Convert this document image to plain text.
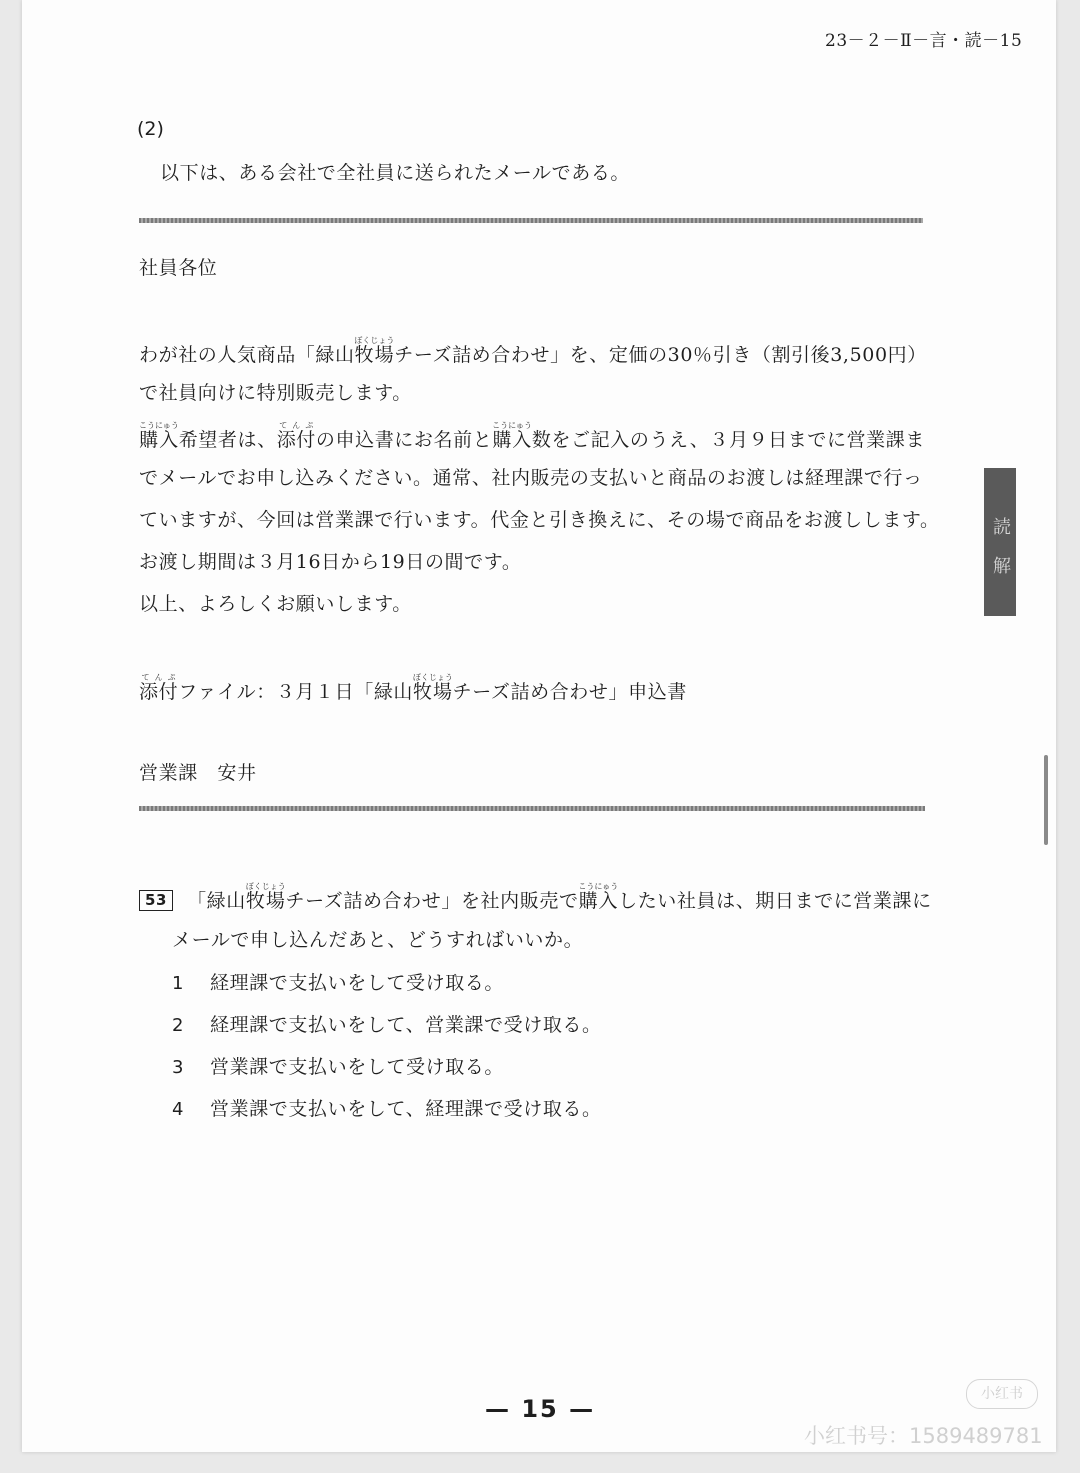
23－２－Ⅱ－言・読－15
(2)
以下は、ある会社で全社員に送られたメールである。
社員各位
わが社の人気商品「緑山牧場ぼくじょうチーズ詰め合わせ」を、定価の30％引き（割引後3,500円）
で社員向けに特別販売します。
購入こうにゅう希望者は、添付てんぷの申込書にお名前と購入こうにゅう数をご記入のうえ、３月９日までに営業課ま
でメールでお申し込みください。通常、社内販売の支払いと商品のお渡しは経理課で行っ
ていますが、今回は営業課で行います。代金と引き換えに、その場で商品をお渡しします。
お渡し期間は３月16日から19日の間です。
以上、よろしくお願いします。
添付てんぷファイル：３月１日「緑山牧場ぼくじょうチーズ詰め合わせ」申込書
営業課　安井
53 「緑山牧場ぼくじょうチーズ詰め合わせ」を社内販売で購入こうにゅうしたい社員は、期日までに営業課に
メールで申し込んだあと、どうすればいいか。
1 経理課で支払いをして受け取る。
2 経理課で支払いをして、営業課で受け取る。
3 営業課で支払いをして受け取る。
4 営業課で支払いをして、経理課で受け取る。
読
解
— 15 —
小红书
小红书号：1589489781
